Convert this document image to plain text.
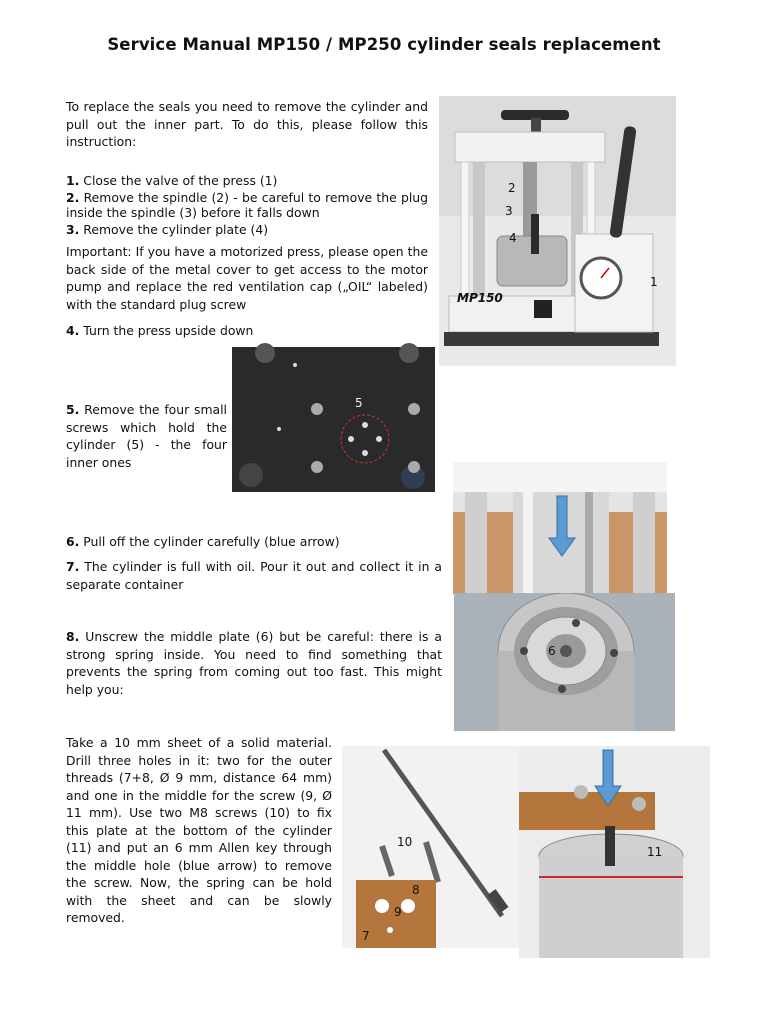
Service Manual MP150 / MP250 cylinder seals replacement
To replace the seals you need to remove the cylinder and pull out the inner part. To do this, please follow this instruction:
1. Close the valve of the press (1)
2. Remove the spindle (2) - be careful to remove the plug inside the spindle (3) before it falls down
3. Remove the cylinder plate (4)
Important: If you have a motorized press, please open the back side of the metal cover to get access to the motor pump and replace the red ventilation cap („OIL“ labeled) with the standard plug screw
4. Turn the press upside down
5. Remove the four small screws which hold the cylinder (5) - the four inner ones
6. Pull off the cylinder carefully (blue arrow)
7. The cylinder is full with oil. Pour it out and collect it in a separate container
8. Unscrew the middle plate (6) but be careful: there is a strong spring inside. You need to find something that prevents the spring from coming out too fast. This might help you:
Take a 10 mm sheet of a solid material. Drill three holes in it: two for the outer threads (7+8, Ø 9 mm, distance 64 mm) and one in the middle for the screw (9, Ø 11 mm). Use two M8 screws (10) to fix this plate at the bottom of the cylinder (11) and put an 6 mm Allen key through the middle hole (blue arrow) to remove the screw. Now, the spring can be hold with the sheet and can be slowly removed.
MP150
2
3
4
1
5
6
10
8
9
7
11
